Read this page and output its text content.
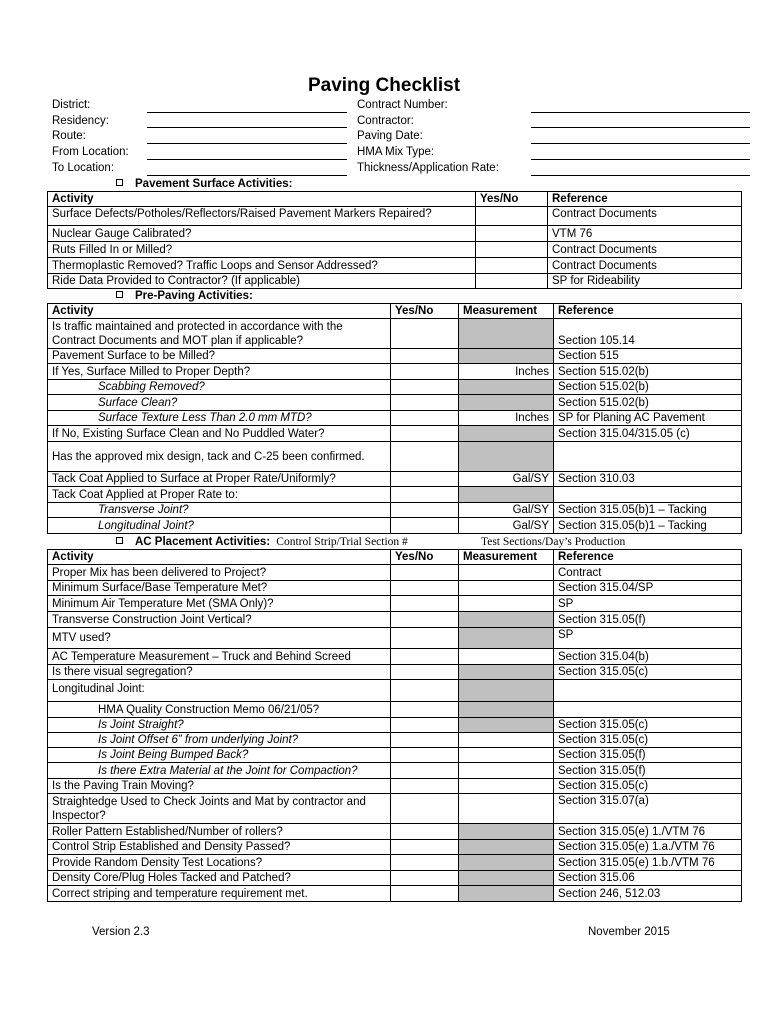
Paving Checklist
District:
Residency:
Route:
From Location:
To Location:
Contract Number:
Contractor:
Paving Date:
HMA Mix Type:
Thickness/Application Rate:
Pavement Surface Activities:
Activity	Yes/No	Reference
Surface Defects/Potholes/Reflectors/Raised Pavement Markers Repaired?		Contract Documents
Nuclear Gauge Calibrated?		VTM 76
Ruts Filled In or Milled?		Contract Documents
Thermoplastic Removed? Traffic Loops and Sensor Addressed?		Contract Documents
Ride Data Provided to Contractor? (If applicable)		SP for Rideability
Pre-Paving Activities:
Activity	Yes/No	Measurement	Reference
Is traffic maintained and protected in accordance with the Contract Documents and MOT plan if applicable?			Section 105.14
Pavement Surface to be Milled?			Section 515
If Yes, Surface Milled to Proper Depth?		Inches	Section 515.02(b)
Scabbing Removed?			Section 515.02(b)
Surface Clean?			Section 515.02(b)
Surface Texture Less Than 2.0 mm MTD?		Inches	SP for Planing AC Pavement
If No, Existing Surface Clean and No Puddled Water?			Section 315.04/315.05 (c)
Has the approved mix design, tack and C-25 been confirmed.			
Tack Coat Applied to Surface at Proper Rate/Uniformly?		Gal/SY	Section 310.03
Tack Coat Applied at Proper Rate to:			
Transverse Joint?		Gal/SY	Section 315.05(b)1 – Tacking
Longitudinal Joint?		Gal/SY	Section 315.05(b)1 – Tacking
AC Placement Activities: Control Strip/Trial Section #	Test Sections/Day’s Production
Activity	Yes/No	Measurement	Reference
Proper Mix has been delivered to Project?			Contract
Minimum Surface/Base Temperature Met?			Section 315.04/SP
Minimum Air Temperature Met (SMA Only)?			SP
Transverse Construction Joint Vertical?			Section 315.05(f)
MTV used?			SP
AC Temperature Measurement – Truck and Behind Screed			Section 315.04(b)
Is there visual segregation?			Section 315.05(c)
Longitudinal Joint:			
HMA Quality Construction Memo 06/21/05?			
Is Joint Straight?			Section 315.05(c)
Is Joint Offset 6” from underlying Joint?			Section 315.05(c)
Is Joint Being Bumped Back?			Section 315.05(f)
Is there Extra Material at the Joint for Compaction?			Section 315.05(f)
Is the Paving Train Moving?			Section 315.05(c)
Straightedge Used to Check Joints and Mat by contractor and Inspector?			Section 315.07(a)
Roller Pattern Established/Number of rollers?			Section 315.05(e) 1./VTM 76
Control Strip Established and Density Passed?			Section 315.05(e) 1.a./VTM 76
Provide Random Density Test Locations?			Section 315.05(e) 1.b./VTM 76
Density Core/Plug Holes Tacked and Patched?			Section 315.06
Correct striping and temperature requirement met.			Section 246, 512.03
Version 2.3	November 2015
